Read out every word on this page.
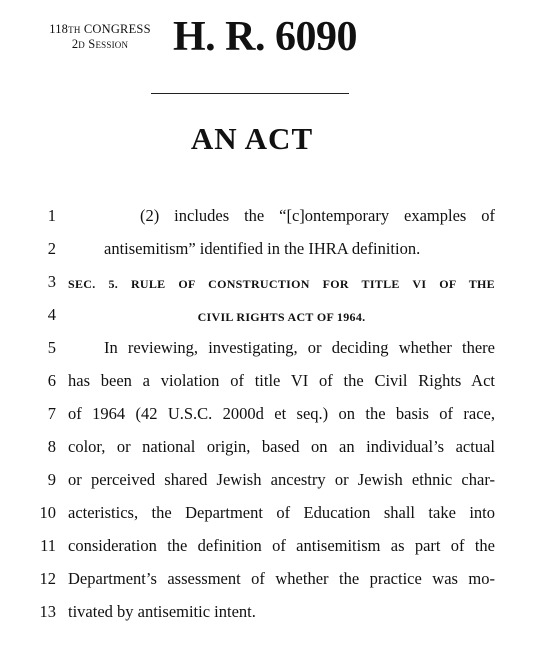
118th CONGRESS
2d Session	H. R. 6090
AN ACT
1	(2) includes the “[c]ontemporary examples of
2	antisemitism” identified in the IHRA definition.
3 SEC. 5. RULE OF CONSTRUCTION FOR TITLE VI OF THE
4	CIVIL RIGHTS ACT OF 1964.
5	In reviewing, investigating, or deciding whether there
6 has been a violation of title VI of the Civil Rights Act
7 of 1964 (42 U.S.C. 2000d et seq.) on the basis of race,
8 color, or national origin, based on an individual’s actual
9 or perceived shared Jewish ancestry or Jewish ethnic char-
10 acteristics, the Department of Education shall take into
11 consideration the definition of antisemitism as part of the
12 Department’s assessment of whether the practice was mo-
13 tivated by antisemitic intent.
